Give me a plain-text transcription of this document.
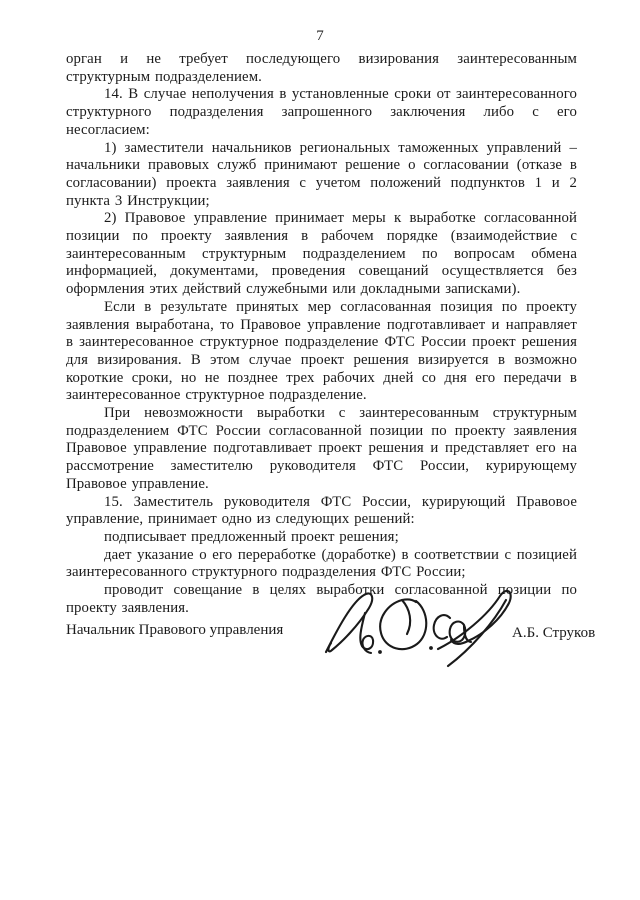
7

орган и не требует последующего визирования заинтересованным структурным подразделением.

14. В случае неполучения в установленные сроки от заинтересованного структурного подразделения запрошенного заключения либо с его несогласием:

1) заместители начальников региональных таможенных управлений – начальники правовых служб принимают решение о согласовании (отказе в согласовании) проекта заявления с учетом положений подпунктов 1 и 2 пункта 3 Инструкции;

2) Правовое управление принимает меры к выработке согласованной позиции по проекту заявления в рабочем порядке (взаимодействие с заинтересованным структурным подразделением по вопросам обмена информацией, документами, проведения совещаний осуществляется без оформления этих действий служебными или докладными записками).

Если в результате принятых мер согласованная позиция по проекту заявления выработана, то Правовое управление подготавливает и направляет в заинтересованное структурное подразделение ФТС России проект решения для визирования. В этом случае проект решения визируется в возможно короткие сроки, но не позднее трех рабочих дней со дня его передачи в заинтересованное структурное подразделение.

При невозможности выработки с заинтересованным структурным подразделением ФТС России согласованной позиции по проекту заявления Правовое управление подготавливает проект решения и представляет его на рассмотрение заместителю руководителя ФТС России, курирующему Правовое управление.

15. Заместитель руководителя ФТС России, курирующий Правовое управление, принимает одно из следующих решений:

подписывает предложенный проект решения;

дает указание о его переработке (доработке) в соответствии с позицией заинтересованного структурного подразделения ФТС России;

проводит совещание в целях выработки согласованной позиции по проекту заявления.

Начальник Правового управления	А.Б. Струков
